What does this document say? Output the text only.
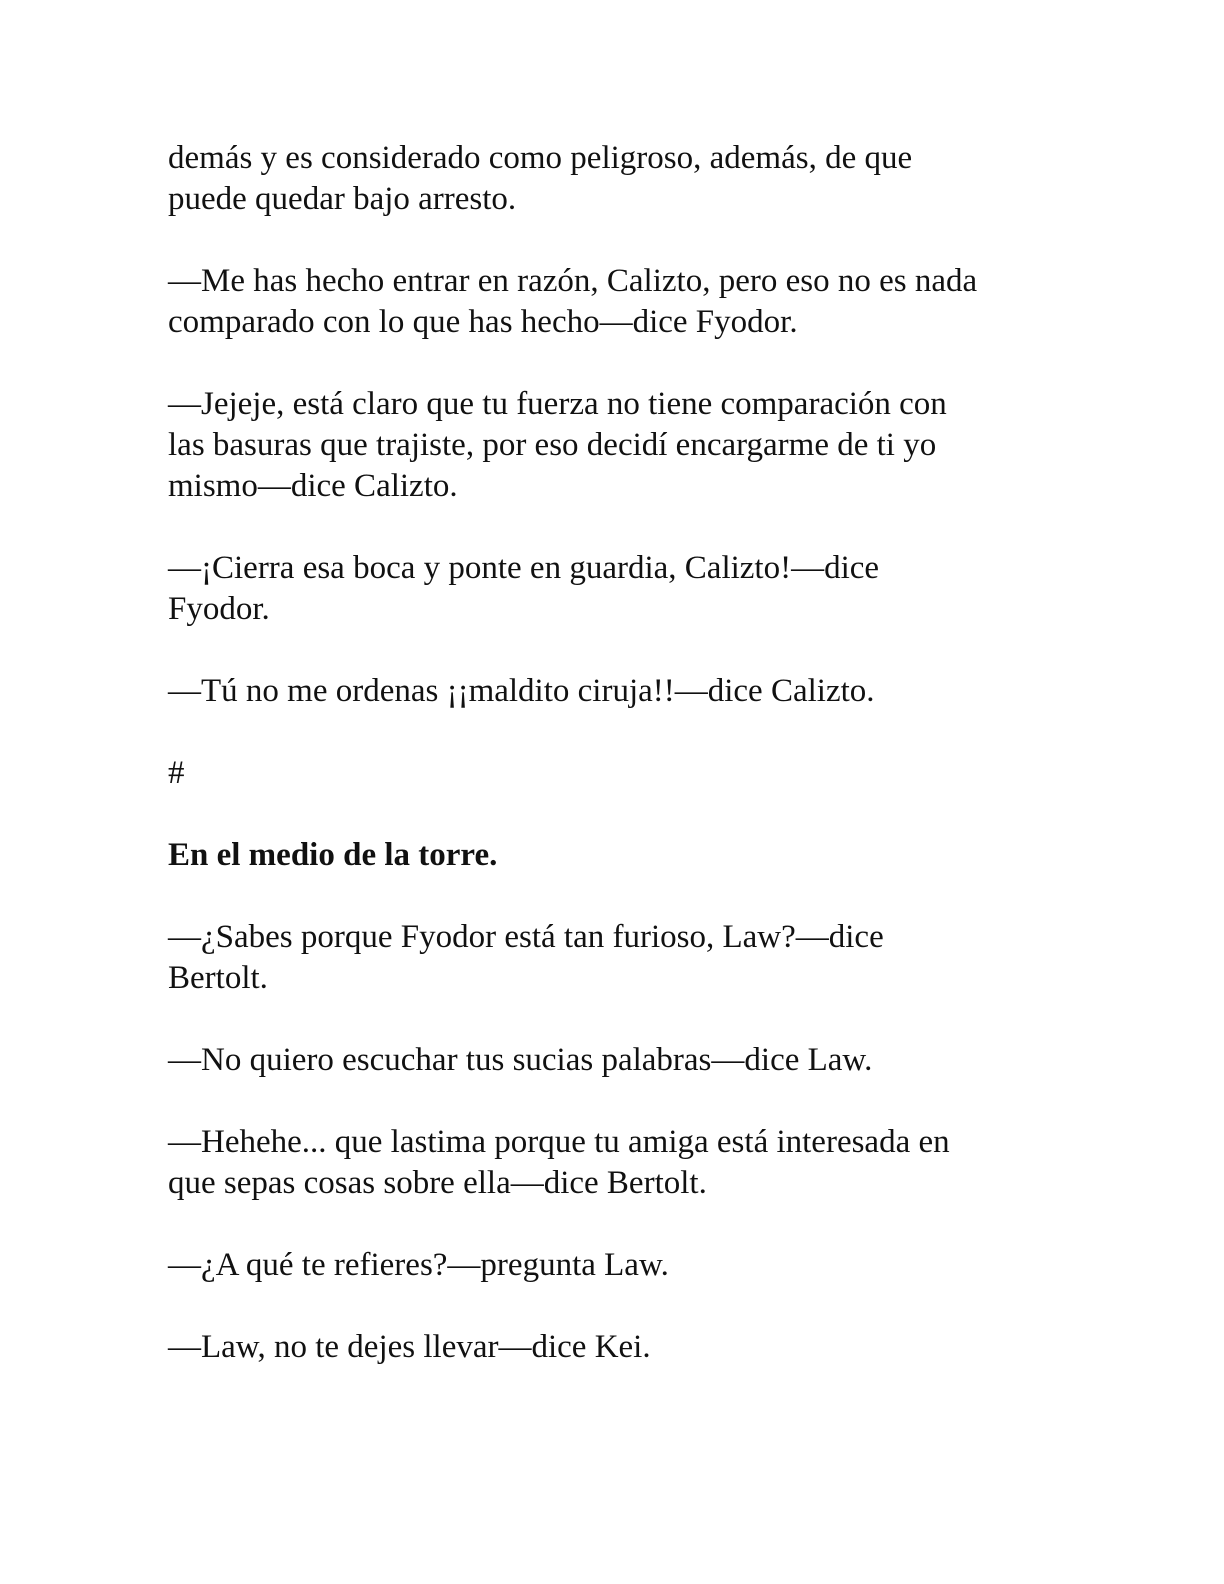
demás y es considerado como peligroso, además, de que
puede quedar bajo arresto.

—Me has hecho entrar en razón, Calizto, pero eso no es nada
comparado con lo que has hecho—dice Fyodor.

—Jejeje, está claro que tu fuerza no tiene comparación con
las basuras que trajiste, por eso decidí encargarme de ti yo
mismo—dice Calizto.

—¡Cierra esa boca y ponte en guardia, Calizto!—dice
Fyodor.

—Tú no me ordenas ¡¡maldito ciruja!!—dice Calizto.

#

En el medio de la torre.

—¿Sabes porque Fyodor está tan furioso, Law?—dice
Bertolt.

—No quiero escuchar tus sucias palabras—dice Law.

—Hehehe... que lastima porque tu amiga está interesada en
que sepas cosas sobre ella—dice Bertolt.

—¿A qué te refieres?—pregunta Law.

—Law, no te dejes llevar—dice Kei.
